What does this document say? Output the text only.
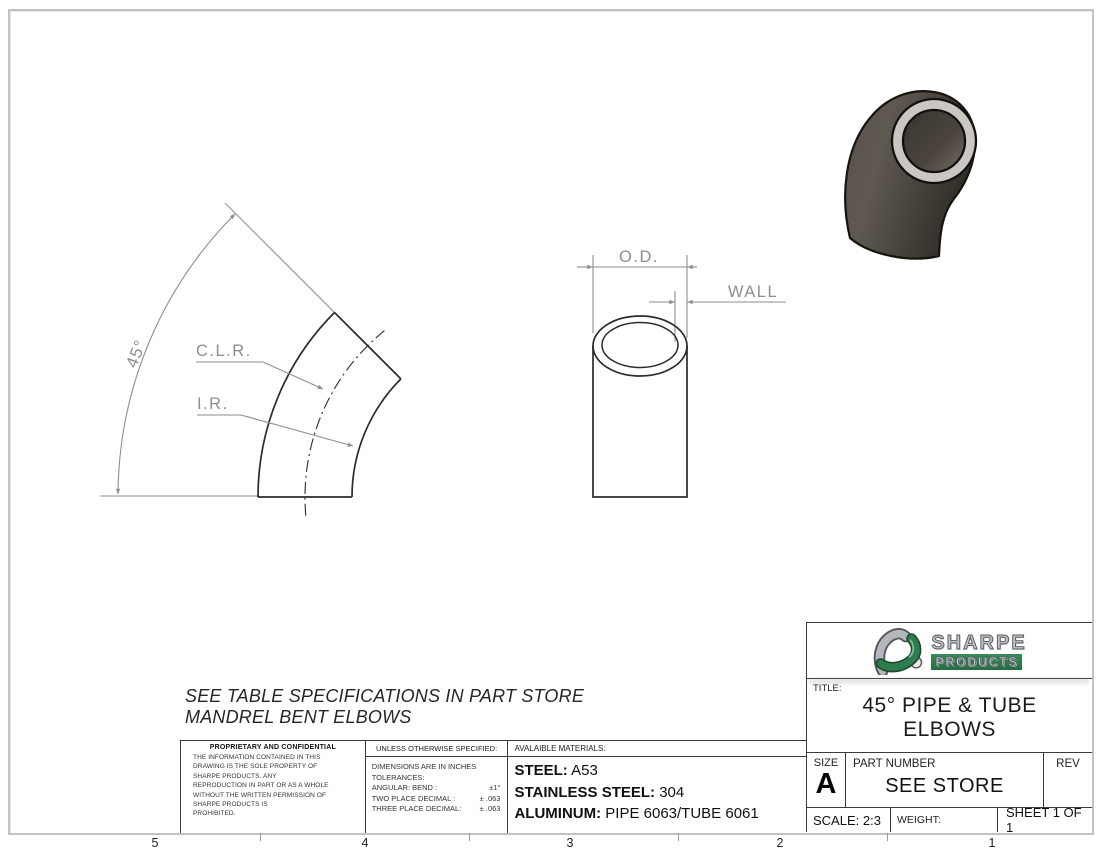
45°	C.L.R.
I.R.
O.D.
WALL
SEE TABLE SPECIFICATIONS IN PART STORE
MANDREL BENT ELBOWS
PROPRIETARY AND CONFIDENTIAL
THE INFORMATION CONTAINED IN THIS
DRAWING IS THE SOLE PROPERTY OF
SHARPE PRODUCTS. ANY
REPRODUCTION IN PART OR AS A WHOLE
WITHOUT THE WRITTEN PERMISSION OF
SHARPE PRODUCTS IS
PROHIBITED.
UNLESS OTHERWISE SPECIFIED:
DIMENSIONS ARE IN INCHES
TOLERANCES:
ANGULAR: BEND :	±1°
TWO PLACE DECIMAL :	± .063
THREE PLACE DECIMAL: ± .063
AVALAIBLE MATERIALS:
STEEL: A53
STAINLESS STEEL: 304
ALUMINUM: PIPE 6063/TUBE 6061
SHARPE
PRODUCTS
TITLE:
45° PIPE & TUBE
ELBOWS
SIZE
A
PART NUMBER
SEE STORE
REV
SCALE: 2:3	WEIGHT:	SHEET 1 OF 1
5	4	3	2	1
